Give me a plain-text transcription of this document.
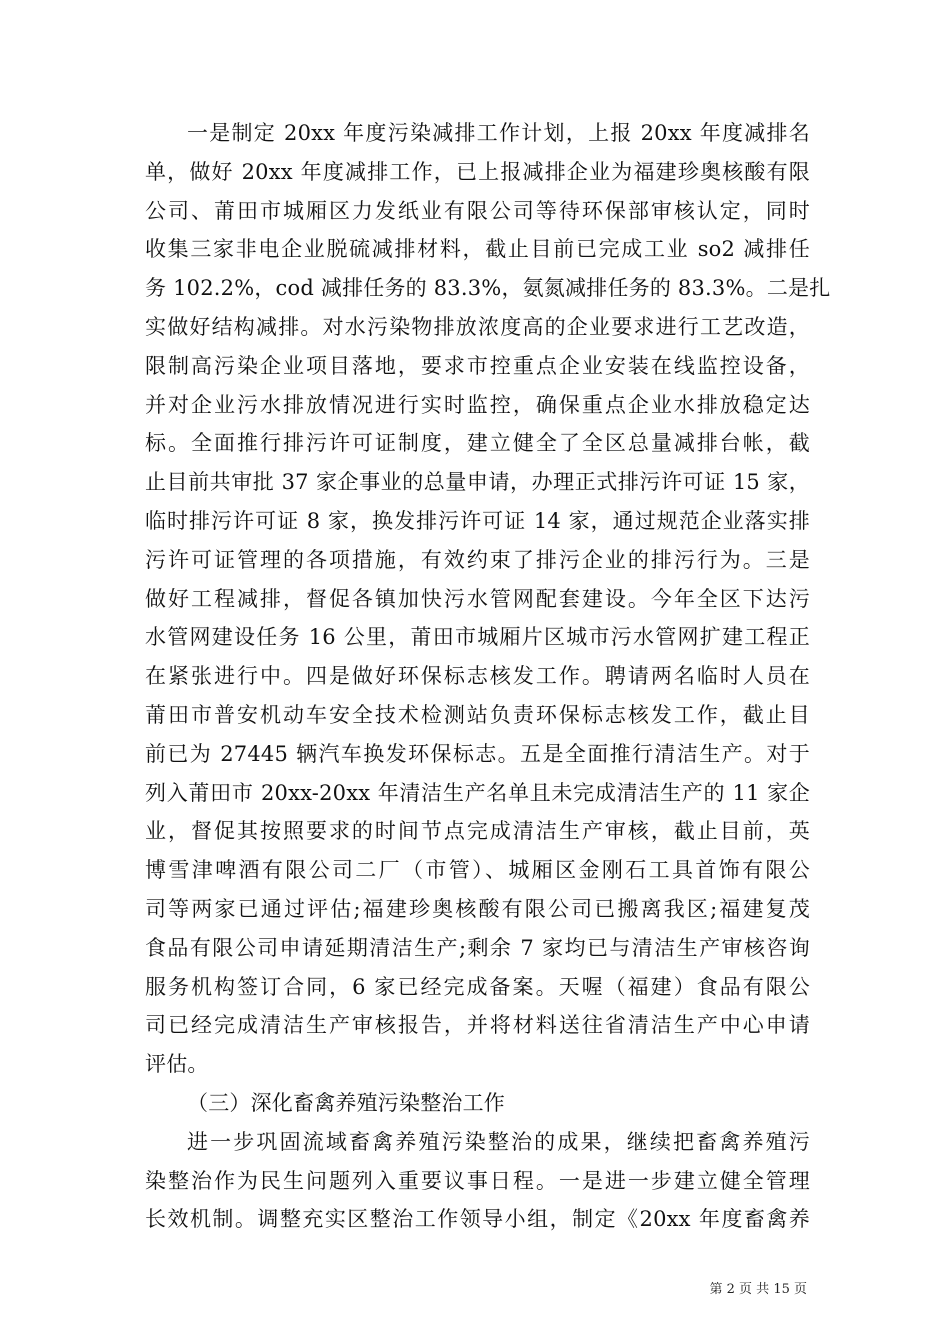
一是制定 20xx 年度污染减排工作计划，上报 20xx 年度减排名
单，做好 20xx 年度减排工作，已上报减排企业为福建珍奥核酸有限
公司、莆田市城厢区力发纸业有限公司等待环保部审核认定，同时
收集三家非电企业脱硫减排材料，截止目前已完成工业 so2 减排任
务 102.2%，cod 减排任务的 83.3%，氨氮减排任务的 83.3%。二是扎
实做好结构减排。对水污染物排放浓度高的企业要求进行工艺改造，
限制高污染企业项目落地，要求市控重点企业安装在线监控设备，
并对企业污水排放情况进行实时监控，确保重点企业水排放稳定达
标。全面推行排污许可证制度，建立健全了全区总量减排台帐，截
止目前共审批 37 家企事业的总量申请，办理正式排污许可证 15 家，
临时排污许可证 8 家，换发排污许可证 14 家，通过规范企业落实排
污许可证管理的各项措施，有效约束了排污企业的排污行为。三是
做好工程减排，督促各镇加快污水管网配套建设。今年全区下达污
水管网建设任务 16 公里，莆田市城厢片区城市污水管网扩建工程正
在紧张进行中。四是做好环保标志核发工作。聘请两名临时人员在
莆田市普安机动车安全技术检测站负责环保标志核发工作，截止目
前已为 27445 辆汽车换发环保标志。五是全面推行清洁生产。对于
列入莆田市 20xx-20xx 年清洁生产名单且未完成清洁生产的 11 家企
业，督促其按照要求的时间节点完成清洁生产审核，截止目前，英
博雪津啤酒有限公司二厂（市管）、城厢区金刚石工具首饰有限公
司等两家已通过评估;福建珍奥核酸有限公司已搬离我区;福建复茂
食品有限公司申请延期清洁生产;剩余 7 家均已与清洁生产审核咨询
服务机构签订合同，6 家已经完成备案。天喔（福建）食品有限公
司已经完成清洁生产审核报告，并将材料送往省清洁生产中心申请
评估。
（三）深化畜禽养殖污染整治工作
进一步巩固流域畜禽养殖污染整治的成果，继续把畜禽养殖污
染整治作为民生问题列入重要议事日程。一是进一步建立健全管理
长效机制。调整充实区整治工作领导小组，制定《20xx 年度畜禽养
第 2 页 共 15 页
